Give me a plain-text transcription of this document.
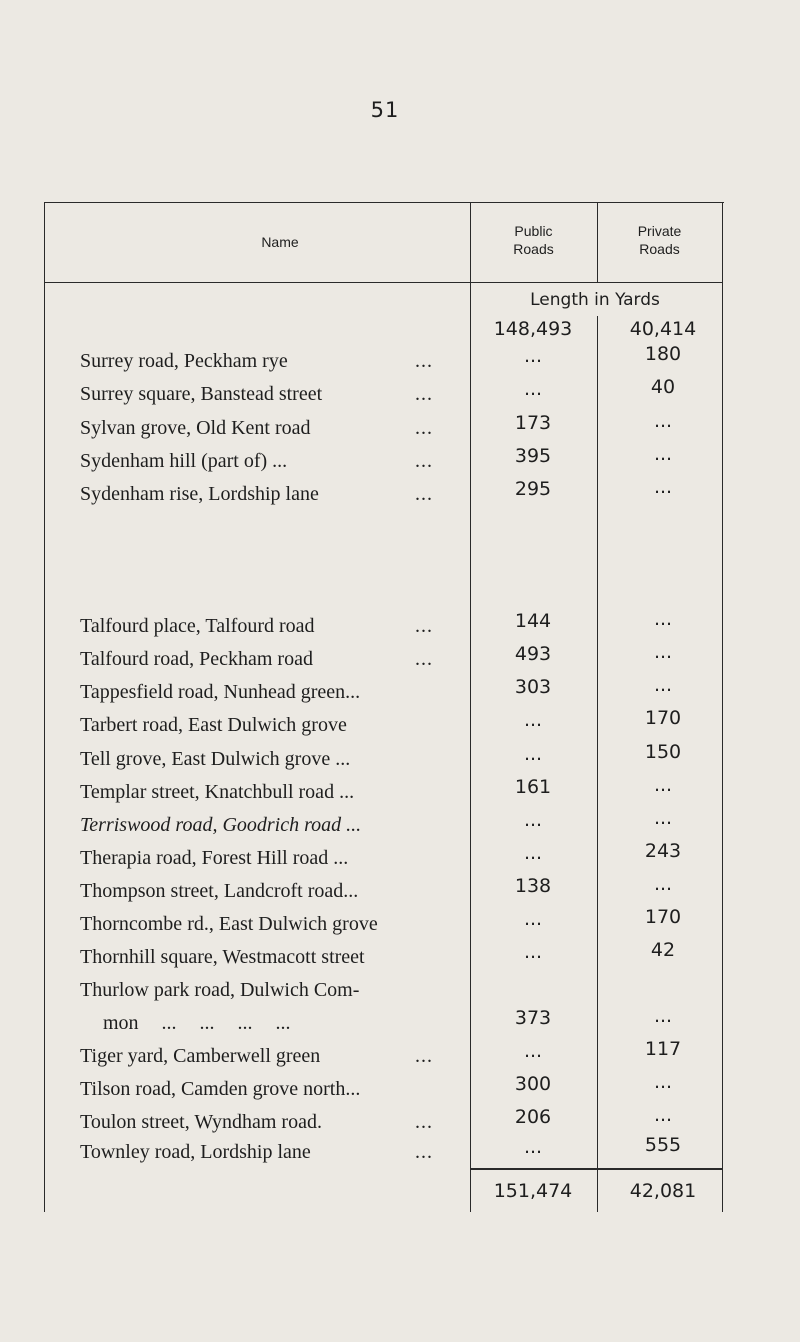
51
Name
Public
Roads
Private
Roads
Length in Yards
148,493	40,414
Surrey road, Peckham rye	...	...	180
Surrey square, Banstead street	...	...	40
Sylvan grove, Old Kent road	...	173	...
Sydenham hill (part of) ...	...	395	...
Sydenham rise, Lordship lane	...	295	...
Talfourd place, Talfourd road	...	144	...
Talfourd road, Peckham road	...	493	...
Tappesfield road, Nunhead green...	303	...
Tarbert road, East Dulwich grove	...	170
Tell grove, East Dulwich grove ...	...	150
Templar street, Knatchbull road ...	161	...
Terriswood road, Goodrich road ...	...	...
Therapia road, Forest Hill road ...	...	243
Thompson street, Landcroft road...	138	...
Thorncombe rd., East Dulwich grove	...	170
Thornhill square, Westmacott street	...	42
Thurlow park road, Dulwich Com-
mon ... ... ... ...	373	...
Tiger yard, Camberwell green	...	...	117
Tilson road, Camden grove north...	300	...
Toulon street, Wyndham road.	...	206	...
Townley road, Lordship lane	...	...	555
151,474	42,081
